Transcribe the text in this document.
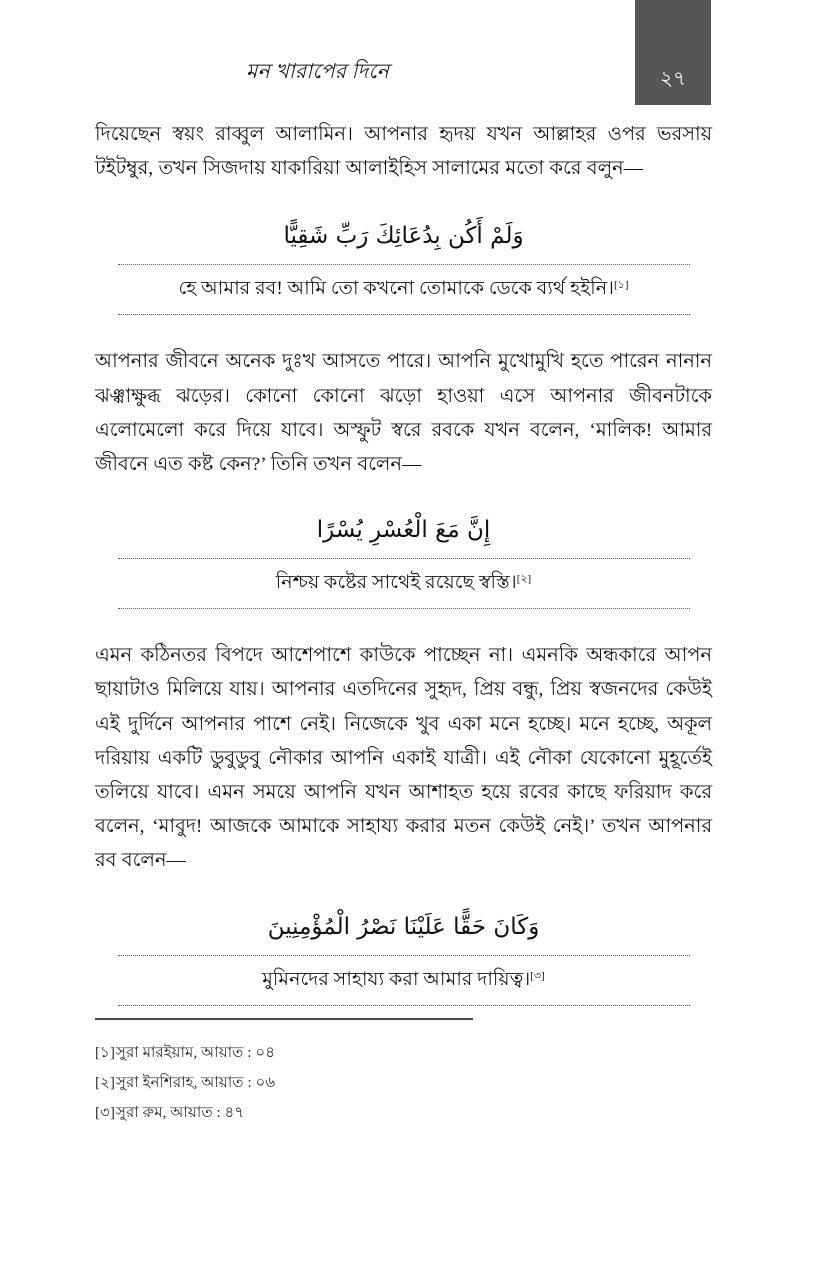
মন খারাপের দিনে	২৭

দিয়েছেন স্বয়ং রাব্বুল আলামিন। আপনার হৃদয় যখন আল্লাহর ওপর ভরসায় টইটম্বুর, তখন সিজদায় যাকারিয়া আলাইহিস সালামের মতো করে বলুন—

وَلَمْ أَكُن بِدُعَائِكَ رَبِّ شَقِيًّا
হে আমার রব! আমি তো কখনো তোমাকে ডেকে ব্যর্থ হইনি।[১]

আপনার জীবনে অনেক দুঃখ আসতে পারে। আপনি মুখোমুখি হতে পারেন নানান ঝঞ্ঝাক্ষুব্ধ ঝড়ের। কোনো কোনো ঝড়ো হাওয়া এসে আপনার জীবনটাকে এলোমেলো করে দিয়ে যাবে। অস্ফুট স্বরে রবকে যখন বলেন, ‘মালিক! আমার জীবনে এত কষ্ট কেন?’ তিনি তখন বলেন—

إِنَّ مَعَ الْعُسْرِ يُسْرًا
নিশ্চয় কষ্টের সাথেই রয়েছে স্বস্তি।[২]

এমন কঠিনতর বিপদে আশেপাশে কাউকে পাচ্ছেন না। এমনকি অন্ধকারে আপন ছায়াটাও মিলিয়ে যায়। আপনার এতদিনের সুহৃদ, প্রিয় বন্ধু, প্রিয় স্বজনদের কেউই এই দুর্দিনে আপনার পাশে নেই। নিজেকে খুব একা মনে হচ্ছে। মনে হচ্ছে, অকূল দরিয়ায় একটি ডুবুডুবু নৌকার আপনি একাই যাত্রী। এই নৌকা যেকোনো মুহূর্তেই তলিয়ে যাবে। এমন সময়ে আপনি যখন আশাহত হয়ে রবের কাছে ফরিয়াদ করে বলেন, ‘মাবুদ! আজকে আমাকে সাহায্য করার মতন কেউই নেই।’ তখন আপনার রব বলেন—

وَكَانَ حَقًّا عَلَيْنَا نَصْرُ الْمُؤْمِنِينَ
মুমিনদের সাহায্য করা আমার দায়িত্ব।[৩]
[১]সুরা মারইয়াম, আয়াত : ০৪
[২]সুরা ইনশিরাহ, আয়াত : ০৬
[৩]সুরা রুম, আয়াত : ৪৭
